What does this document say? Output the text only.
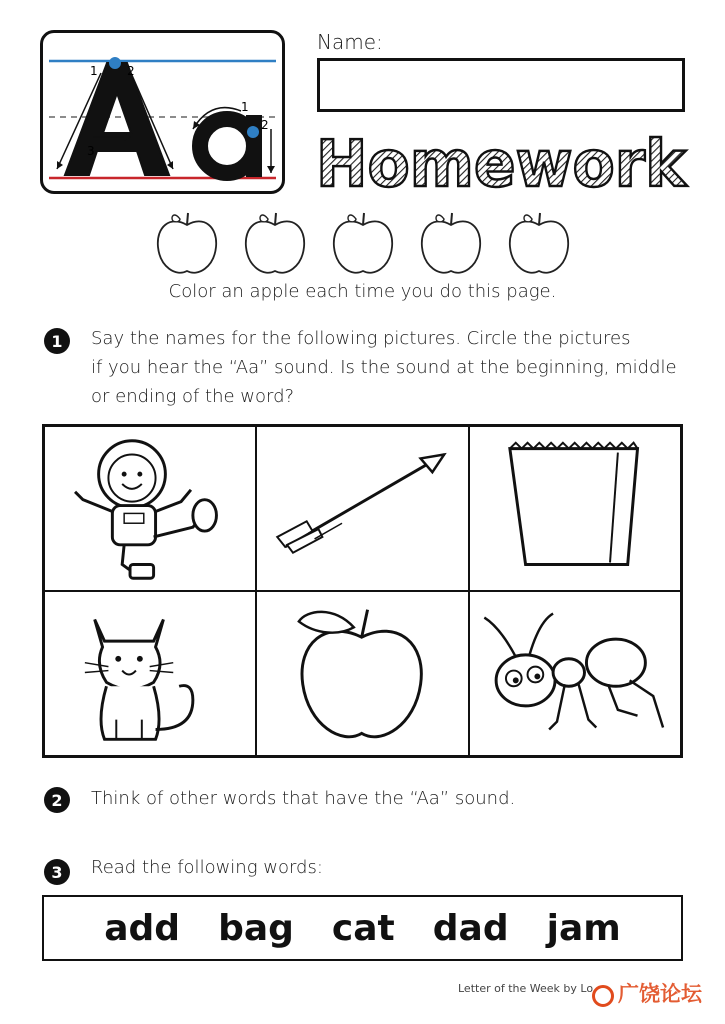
1 2
3
1
2
Name:
Homework
Color an apple each time you do this page.
1	Say the names for the following pictures. Circle the pictures
if you hear the “Aa” sound. Is the sound at the beginning, middle
or ending of the word?
2	Think of other words that have the “Aa” sound.
3	Read the following words:
add bag cat dad jam
Letter of the Week by Lo 广饶论坛
